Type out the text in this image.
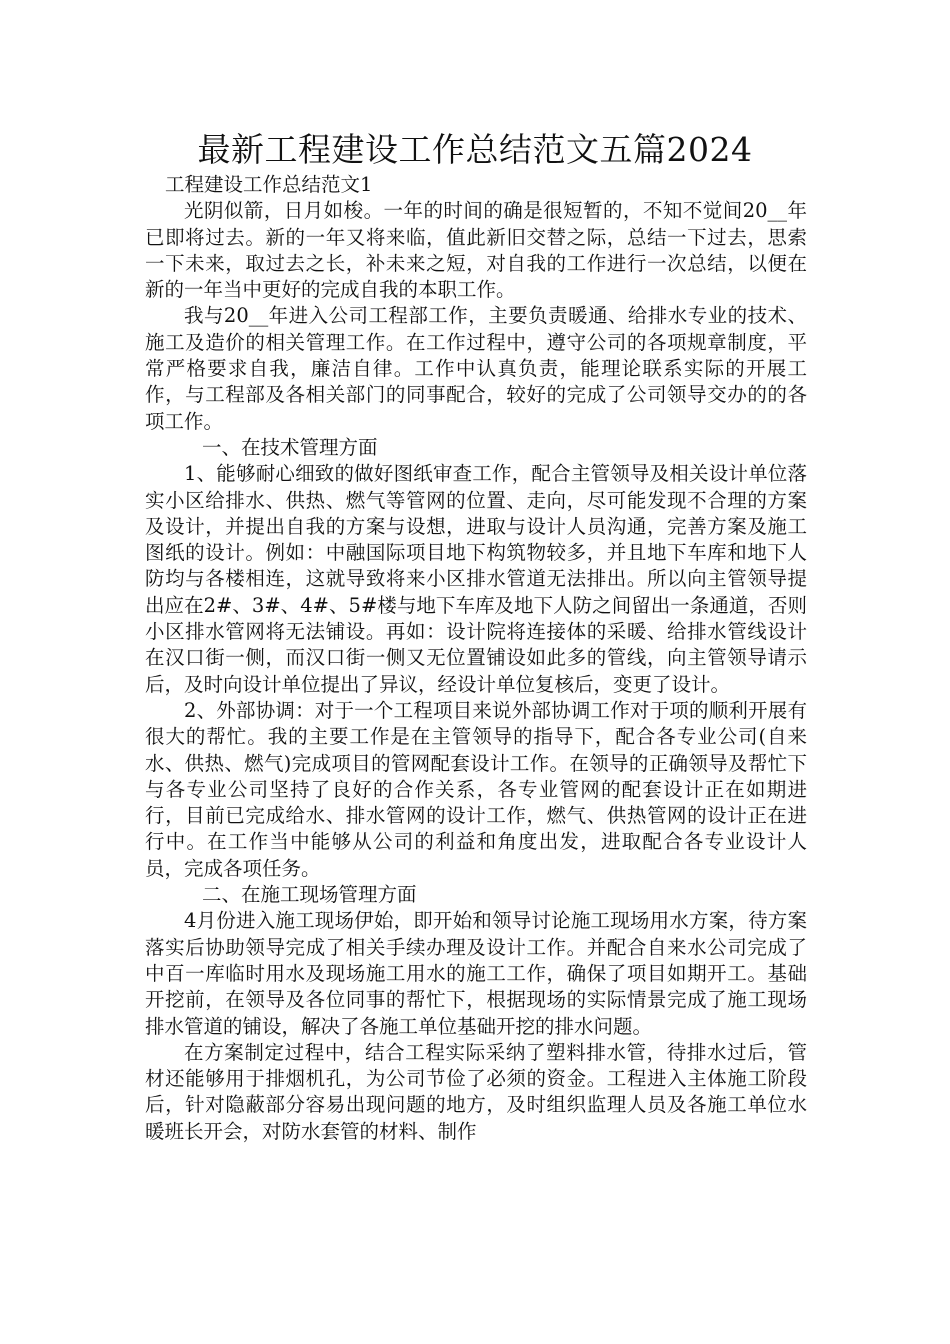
最新工程建设工作总结范文五篇2024

工程建设工作总结范文1

光阴似箭，日月如梭。一年的时间的确是很短暂的，不知不觉间20__年已即将过去。新的一年又将来临，值此新旧交替之际，总结一下过去，思索一下未来，取过去之长，补未来之短，对自我的工作进行一次总结，以便在新的一年当中更好的完成自我的本职工作。

我与20__年进入公司工程部工作，主要负责暖通、给排水专业的技术、施工及造价的相关管理工作。在工作过程中，遵守公司的各项规章制度，平常严格要求自我，廉洁自律。工作中认真负责，能理论联系实际的开展工作，与工程部及各相关部门的同事配合，较好的完成了公司领导交办的的各项工作。

一、在技术管理方面

1、能够耐心细致的做好图纸审查工作，配合主管领导及相关设计单位落实小区给排水、供热、燃气等管网的位置、走向，尽可能发现不合理的方案及设计，并提出自我的方案与设想，进取与设计人员沟通，完善方案及施工图纸的设计。例如：中融国际项目地下构筑物较多，并且地下车库和地下人防均与各楼相连，这就导致将来小区排水管道无法排出。所以向主管领导提出应在2#、3#、4#、5#楼与地下车库及地下人防之间留出一条通道，否则小区排水管网将无法铺设。再如：设计院将连接体的采暖、给排水管线设计在汉口街一侧，而汉口街一侧又无位置铺设如此多的管线，向主管领导请示后，及时向设计单位提出了异议，经设计单位复核后，变更了设计。

2、外部协调：对于一个工程项目来说外部协调工作对于项的顺利开展有很大的帮忙。我的主要工作是在主管领导的指导下，配合各专业公司(自来水、供热、燃气)完成项目的管网配套设计工作。在领导的正确领导及帮忙下与各专业公司坚持了良好的合作关系，各专业管网的配套设计正在如期进行，目前已完成给水、排水管网的设计工作，燃气、供热管网的设计正在进行中。在工作当中能够从公司的利益和角度出发，进取配合各专业设计人员，完成各项任务。

二、在施工现场管理方面

4月份进入施工现场伊始，即开始和领导讨论施工现场用水方案，待方案落实后协助领导完成了相关手续办理及设计工作。并配合自来水公司完成了中百一库临时用水及现场施工用水的施工工作，确保了项目如期开工。基础开挖前，在领导及各位同事的帮忙下，根据现场的实际情景完成了施工现场排水管道的铺设，解决了各施工单位基础开挖的排水问题。

在方案制定过程中，结合工程实际采纳了塑料排水管，待排水过后，管材还能够用于排烟机孔，为公司节俭了必须的资金。工程进入主体施工阶段后，针对隐蔽部分容易出现问题的地方，及时组织监理人员及各施工单位水暖班长开会，对防水套管的材料、制作
